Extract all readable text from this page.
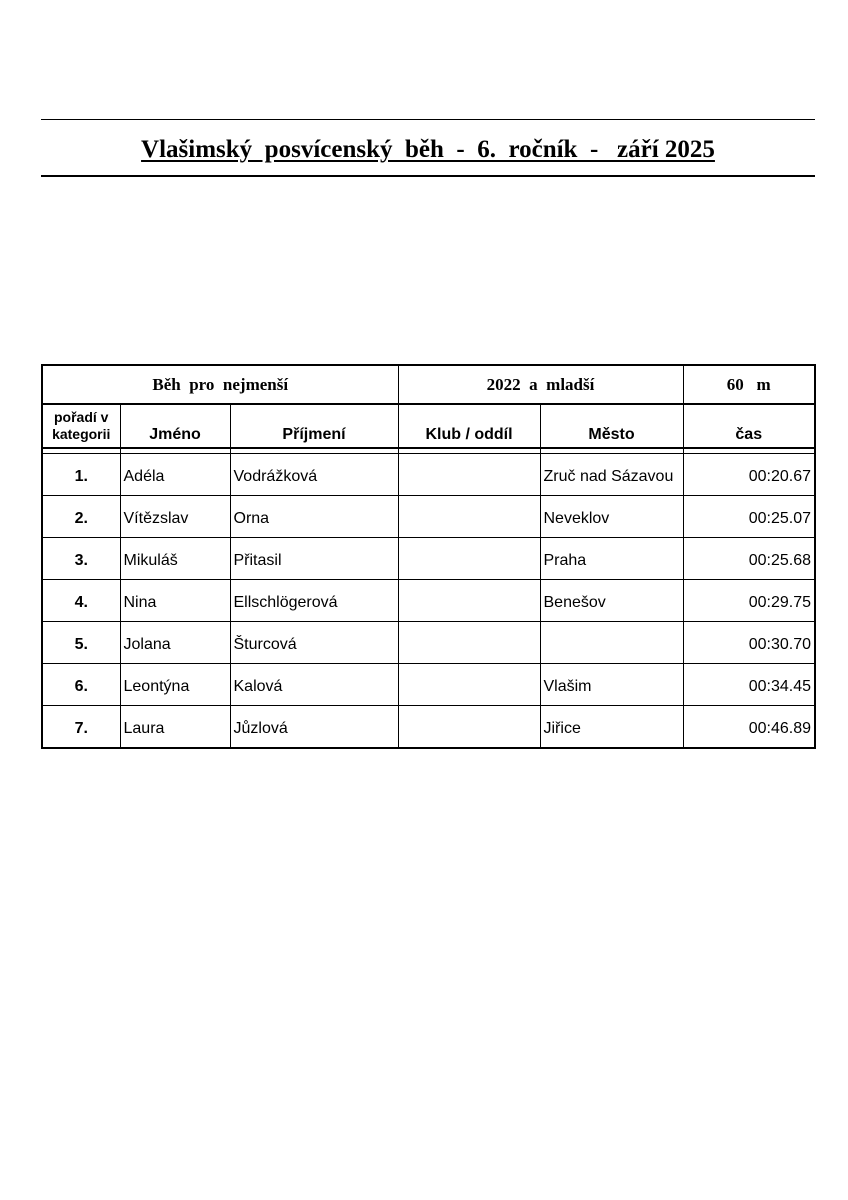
Vlašimský  posvícenský  běh  -  6.  ročník  -   září 2025
Běh  pro  nejmenší			2022  a  mladší		60   m
pořadí v
kategorii	Jméno	Příjmení	Klub / oddíl	Město	čas

1.	Adéla	Vodrážková		Zruč nad Sázavou	00:20.67
2.	Vítězslav	Orna		Neveklov	00:25.07
3.	Mikuláš	Přitasil		Praha	00:25.68
4.	Nina	Ellschlögerová		Benešov	00:29.75
5.	Jolana	Šturcová			00:30.70
6.	Leontýna	Kalová		Vlašim	00:34.45
7.	Laura	Jůzlová		Jiřice	00:46.89
